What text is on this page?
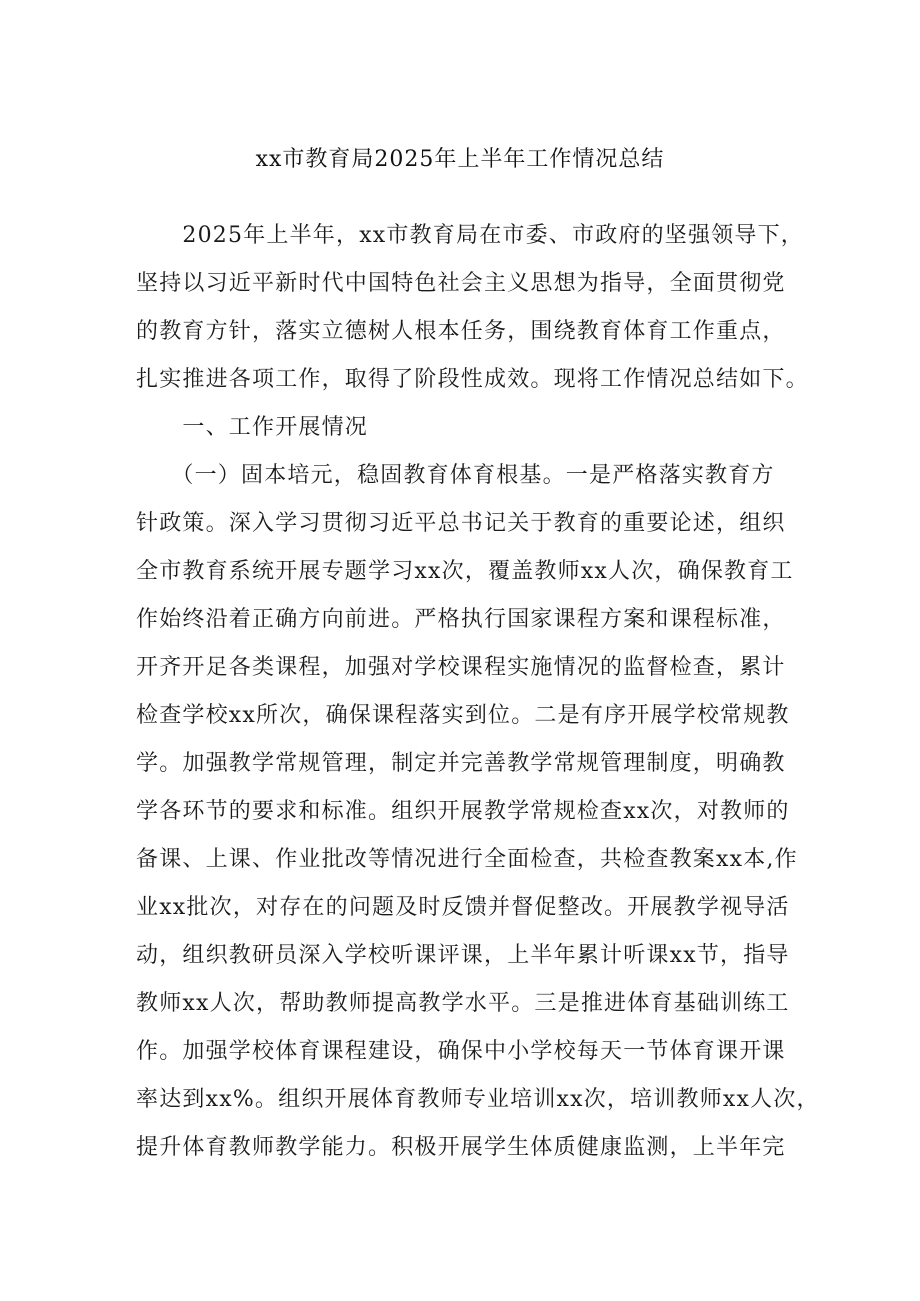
xx市教育局2025年上半年工作情况总结
　　2025年上半年，xx市教育局在市委、市政府的坚强领导下，
坚持以习近平新时代中国特色社会主义思想为指导，全面贯彻党
的教育方针，落实立德树人根本任务，围绕教育体育工作重点，
扎实推进各项工作，取得了阶段性成效。现将工作情况总结如下。
　　一、工作开展情况
　　（一）固本培元，稳固教育体育根基。一是严格落实教育方
针政策。深入学习贯彻习近平总书记关于教育的重要论述，组织
全市教育系统开展专题学习xx次，覆盖教师xx人次，确保教育工
作始终沿着正确方向前进。严格执行国家课程方案和课程标准，
开齐开足各类课程，加强对学校课程实施情况的监督检查，累计
检查学校xx所次，确保课程落实到位。二是有序开展学校常规教
学。加强教学常规管理，制定并完善教学常规管理制度，明确教
学各环节的要求和标准。组织开展教学常规检查xx次，对教师的
备课、上课、作业批改等情况进行全面检查，共检查教案xx本,作
业xx批次，对存在的问题及时反馈并督促整改。开展教学视导活
动，组织教研员深入学校听课评课，上半年累计听课xx节，指导
教师xx人次，帮助教师提高教学水平。三是推进体育基础训练工
作。加强学校体育课程建设，确保中小学校每天一节体育课开课
率达到xx%。组织开展体育教师专业培训xx次，培训教师xx人次，
提升体育教师教学能力。积极开展学生体质健康监测，上半年完
